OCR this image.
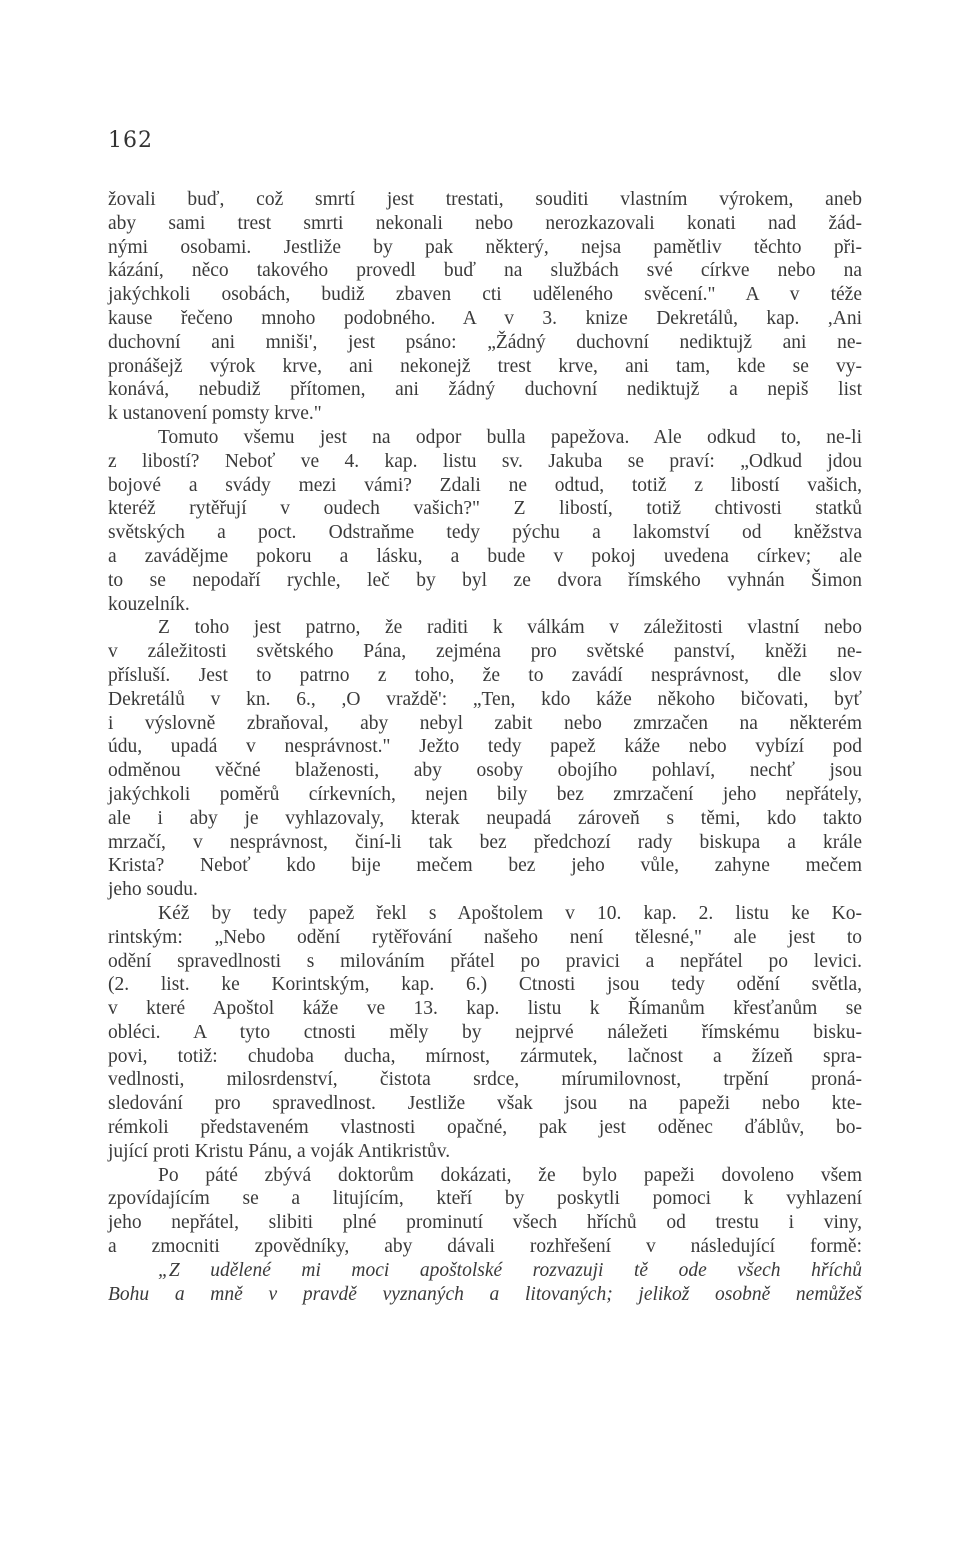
162
žovali buď, což smrtí jest trestati, souditi vlastním výrokem, aneb
aby sami trest smrti nekonali nebo nerozkazovali konati nad žád-
nými osobami. Jestliže by pak některý, nejsa pamětliv těchto při-
kázání, něco takového provedl buď na službách své církve nebo na
jakýchkoli osobách, budiž zbaven cti uděleného svěcení." A v téže
kause řečeno mnoho podobného. A v 3. knize Dekretálů, kap. ,Ani
duchovní ani mniši', jest psáno: „Žádný duchovní nediktujž ani ne-
pronášejž výrok krve, ani nekonejž trest krve, ani tam, kde se vy-
konává, nebudiž přítomen, ani žádný duchovní nediktujž a nepiš list
k ustanovení pomsty krve."
Tomuto všemu jest na odpor bulla papežova. Ale odkud to, ne-li
z libostí? Neboť ve 4. kap. listu sv. Jakuba se praví: „Odkud jdou
bojové a svády mezi vámi? Zdali ne odtud, totiž z libostí vašich,
kteréž rytěřují v oudech vašich?" Z libostí, totiž chtivosti statků
světských a poct. Odstraňme tedy pýchu a lakomství od kněžstva
a zavádějme pokoru a lásku, a bude v pokoj uvedena církev; ale
to se nepodaří rychle, leč by byl ze dvora římského vyhnán Šimon
kouzelník.
Z toho jest patrno, že raditi k válkám v záležitosti vlastní nebo
v záležitosti světského Pána, zejména pro světské panství, kněži ne-
přísluší. Jest to patrno z toho, že to zavádí nesprávnost, dle slov
Dekretálů v kn. 6., ,O vraždě': „Ten, kdo káže někoho bičovati, byť
i výslovně zbraňoval, aby nebyl zabit nebo zmrzačen na některém
údu, upadá v nesprávnost." Ježto tedy papež káže nebo vybízí pod
odměnou věčné blaženosti, aby osoby obojího pohlaví, nechť jsou
jakýchkoli poměrů církevních, nejen bily bez zmrzačení jeho nepřátely,
ale i aby je vyhlazovaly, kterak neupadá zároveň s těmi, kdo takto
mrzačí, v nesprávnost, činí-li tak bez předchozí rady biskupa a krále
Krista? Neboť kdo bije mečem bez jeho vůle, zahyne mečem
jeho soudu.
Kéž by tedy papež řekl s Apoštolem v 10. kap. 2. listu ke Ko-
rintským: „Nebo odění rytěřování našeho není tělesné," ale jest to
odění spravedlnosti s milováním přátel po pravici a nepřátel po levici.
(2. list. ke Korintským, kap. 6.) Ctnosti jsou tedy odění světla,
v které Apoštol káže ve 13. kap. listu k Římanům křesťanům se
obléci. A tyto ctnosti měly by nejprvé náležeti římskému bisku-
povi, totiž: chudoba ducha, mírnost, zármutek, lačnost a žízeň spra-
vedlnosti, milosrdenství, čistota srdce, mírumilovnost, trpění proná-
sledování pro spravedlnost. Jestliže však jsou na papeži nebo kte-
rémkoli představeném vlastnosti opačné, pak jest oděnec ďáblův, bo-
jující proti Kristu Pánu, a voják Antikristův.
Po páté zbývá doktorům dokázati, že bylo papeži dovoleno všem
zpovídajícím se a litujícím, kteří by poskytli pomoci k vyhlazení
jeho nepřátel, slibiti plné prominutí všech hříchů od trestu i viny,
a zmocniti zpovědníky, aby dávali rozhřešení v následující formě:
„Z udělené mi moci apoštolské rozvazuji tě ode všech hříchů
Bohu a mně v pravdě vyznaných a litovaných; jelikož osobně nemůžeš
